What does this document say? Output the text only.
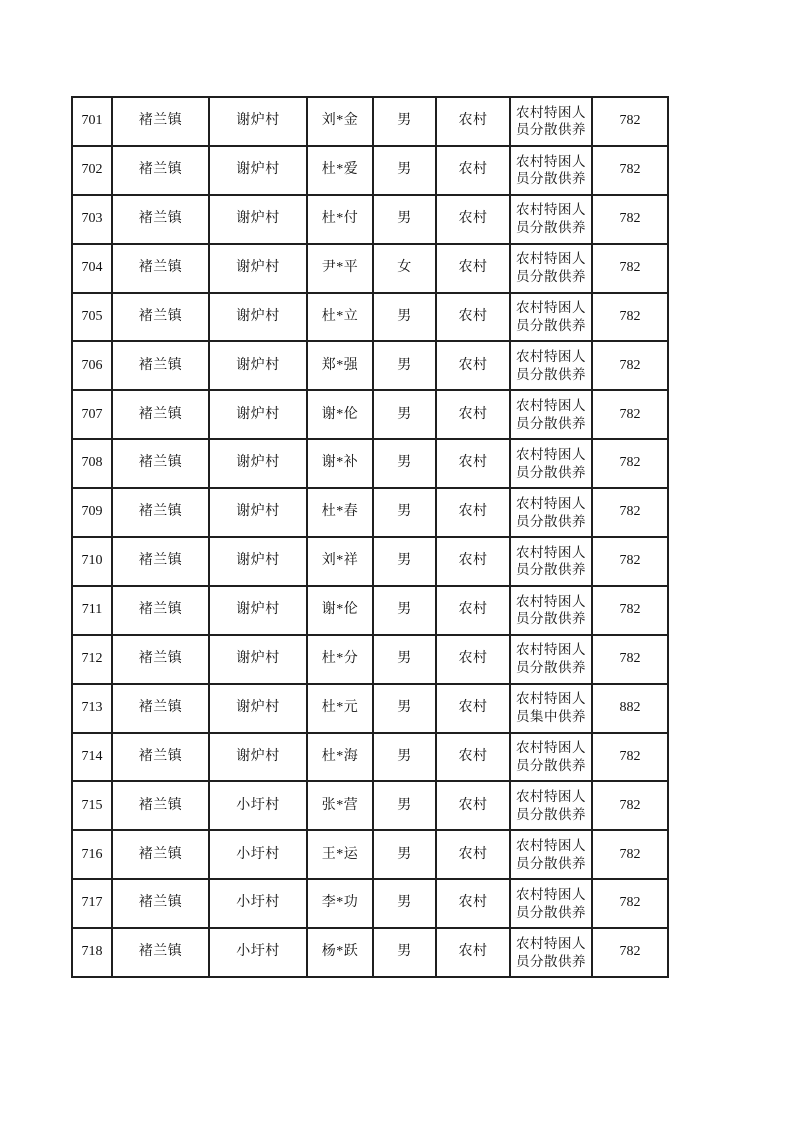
701	褚兰镇	谢炉村	刘*金	男	农村	农村特困人员分散供养	782
702	褚兰镇	谢炉村	杜*爱	男	农村	农村特困人员分散供养	782
703	褚兰镇	谢炉村	杜*付	男	农村	农村特困人员分散供养	782
704	褚兰镇	谢炉村	尹*平	女	农村	农村特困人员分散供养	782
705	褚兰镇	谢炉村	杜*立	男	农村	农村特困人员分散供养	782
706	褚兰镇	谢炉村	郑*强	男	农村	农村特困人员分散供养	782
707	褚兰镇	谢炉村	谢*伦	男	农村	农村特困人员分散供养	782
708	褚兰镇	谢炉村	谢*补	男	农村	农村特困人员分散供养	782
709	褚兰镇	谢炉村	杜*春	男	农村	农村特困人员分散供养	782
710	褚兰镇	谢炉村	刘*祥	男	农村	农村特困人员分散供养	782
711	褚兰镇	谢炉村	谢*伦	男	农村	农村特困人员分散供养	782
712	褚兰镇	谢炉村	杜*分	男	农村	农村特困人员分散供养	782
713	褚兰镇	谢炉村	杜*元	男	农村	农村特困人员集中供养	882
714	褚兰镇	谢炉村	杜*海	男	农村	农村特困人员分散供养	782
715	褚兰镇	小圩村	张*营	男	农村	农村特困人员分散供养	782
716	褚兰镇	小圩村	王*运	男	农村	农村特困人员分散供养	782
717	褚兰镇	小圩村	李*功	男	农村	农村特困人员分散供养	782
718	褚兰镇	小圩村	杨*跃	男	农村	农村特困人员分散供养	782
